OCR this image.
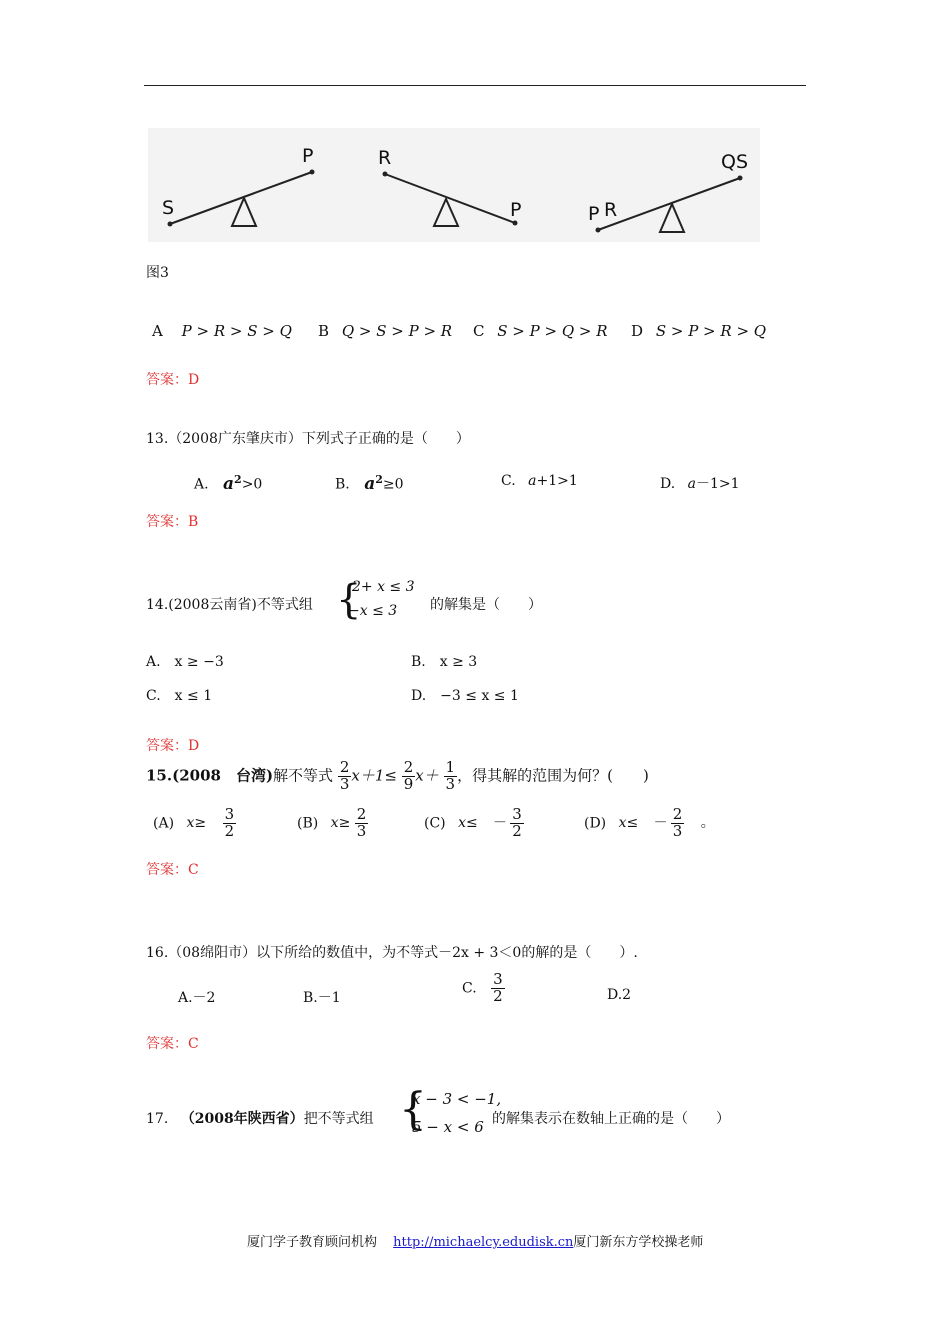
S
P	R
P	P R
QS
图3
A P > R > S > Q B Q > S > P > R C S > P > Q > R D S > P > R > Q
答案：D
13.（2008广东肇庆市）下列式子正确的是（　　）
A. $a^2>0$	B. $a^2\ge 0$	C. a+1>1	D. a－1>1
答案：B
14.(2008云南省)不等式组 {
2+ x ≤ 3
−x ≤ 3 的解集是（　　）
A.　x ≥ −3	B.　x ≥ 3
C.　x ≤ 1	D.　−3 ≤ x ≤ 1
答案：D
15.(2008　台湾)解不等式 $\frac{2}{3} x+1\le \frac{2}{9} x+ \frac{1}{3}$ ，得其解的范围为何？(　　)
(A) $x\ge \frac{3}{2}$	(B) $x\ge \frac{2}{3}$	(C) x≤　－ $\frac{3}{2}$	(D) x≤　－ $\frac{2}{3}$ 。
答案：C
16.（08绵阳市）以下所给的数值中，为不等式－2x + 3＜0的解的是（　　）.
A.－2	B.－1
C. $\frac{3}{2}$	D.2
答案：C
17. （2008年陕西省）把不等式组 {
x − 3 < −1,
5 − x < 6 的解集表示在数轴上正确的是（　　）
厦门学子教育顾问机构 http://michaelcy.edudisk.cn厦门新东方学校操老师
